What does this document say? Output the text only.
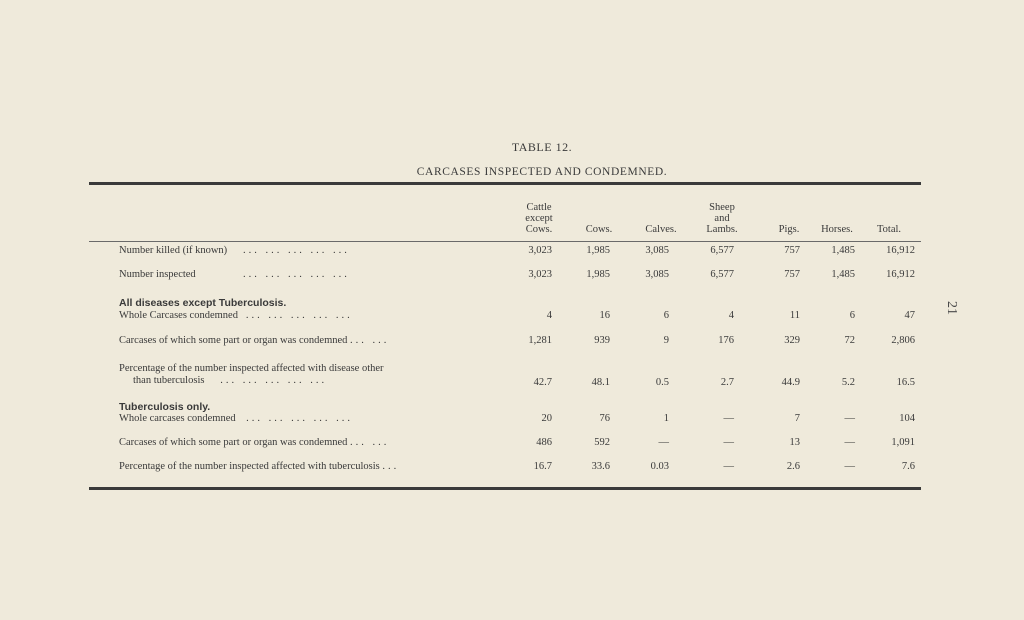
21
TABLE 12.
CARCASES INSPECTED AND CONDEMNED.
Cattle
except
Cows.	Cows.	Calves.
Sheep
and
Lambs.	Pigs.	Horses.	Total.
Number killed (if known) ... ... ... ... ...	3,023	1,985	3,085	6,577	757	1,485	16,912
Number inspected	... ... ... ... ...	3,023	1,985	3,085	6,577	757	1,485	16,912
All diseases except Tuberculosis.
Whole Carcases condemned ... ... ... ... ...	4	16	6	4	11	6	47
Carcases of which some part or organ was condemned ... ...	1,281	939	9	176	329	72	2,806
Percentage of the number inspected affected with disease other
than tuberculosis ... ... ... ... ...	42.7	48.1	0.5	2.7	44.9	5.2	16.5
Tuberculosis only.
Whole carcases condemned ... ... ... ... ...	20	76	1	—	7	—	104
Carcases of which some part or organ was condemned ... ...	486	592	—	—	13	—	1,091
Percentage of the number inspected affected with tuberculosis ...	16.7	33.6	0.03	—	2.6	—	7.6
